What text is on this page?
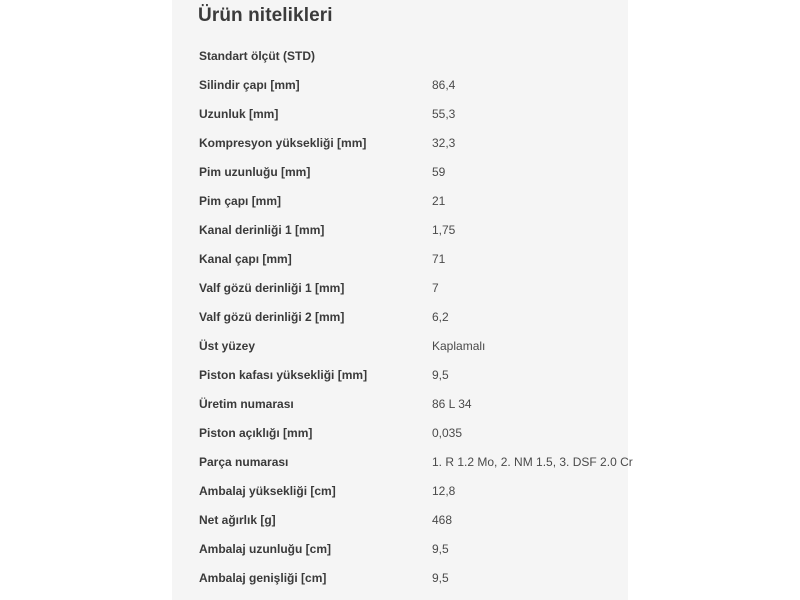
Ürün nitelikleri
Standart ölçüt (STD)
Silindir çapı [mm]	86,4
Uzunluk [mm]	55,3
Kompresyon yüksekliği [mm]	32,3
Pim uzunluğu [mm]	59
Pim çapı [mm]	21
Kanal derinliği 1 [mm]	1,75
Kanal çapı [mm]	71
Valf gözü derinliği 1 [mm]	7
Valf gözü derinliği 2 [mm]	6,2
Üst yüzey	Kaplamalı
Piston kafası yüksekliği [mm]	9,5
Üretim numarası	86 L 34
Piston açıklığı [mm]	0,035
Parça numarası	1. R 1.2 Mo, 2. NM 1.5, 3. DSF 2.0 Cr
Ambalaj yüksekliği [cm]	12,8
Net ağırlık [g]	468
Ambalaj uzunluğu [cm]	9,5
Ambalaj genişliği [cm]	9,5
